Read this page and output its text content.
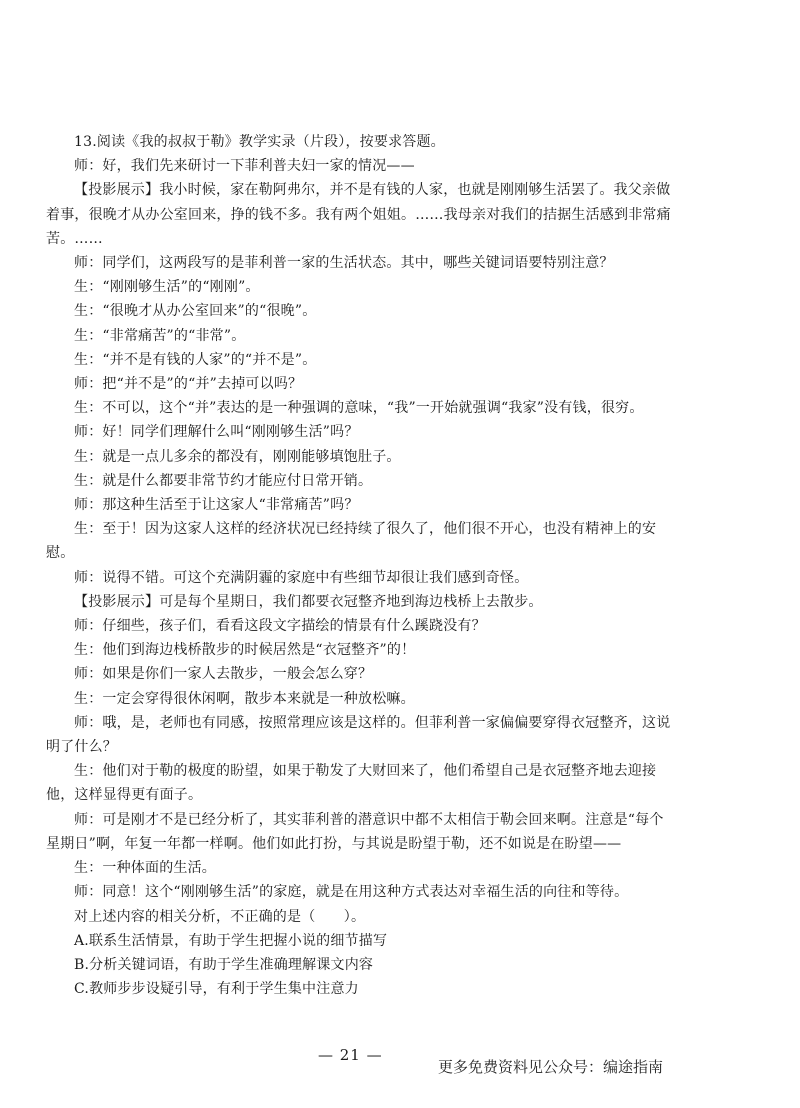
13.阅读《我的叔叔于勒》教学实录（片段），按要求答题。

师：好，我们先来研讨一下菲利普夫妇一家的情况——

【投影展示】我小时候，家在勒阿弗尔，并不是有钱的人家，也就是刚刚够生活罢了。我父亲做着事，很晚才从办公室回来，挣的钱不多。我有两个姐姐。……我母亲对我们的拮据生活感到非常痛苦。……

师：同学们，这两段写的是菲利普一家的生活状态。其中，哪些关键词语要特别注意？

生：“刚刚够生活”的“刚刚”。

生：“很晚才从办公室回来”的“很晚”。

生：“非常痛苦”的“非常”。

生：“并不是有钱的人家”的“并不是”。

师：把“并不是”的“并”去掉可以吗？

生：不可以，这个“并”表达的是一种强调的意味，“我”一开始就强调“我家”没有钱，很穷。

师：好！同学们理解什么叫“刚刚够生活”吗？

生：就是一点儿多余的都没有，刚刚能够填饱肚子。

生：就是什么都要非常节约才能应付日常开销。

师：那这种生活至于让这家人“非常痛苦”吗？

生：至于！因为这家人这样的经济状况已经持续了很久了，他们很不开心，也没有精神上的安慰。

师：说得不错。可这个充满阴霾的家庭中有些细节却很让我们感到奇怪。

【投影展示】可是每个星期日，我们都要衣冠整齐地到海边栈桥上去散步。

师：仔细些，孩子们，看看这段文字描绘的情景有什么蹊跷没有？

生：他们到海边栈桥散步的时候居然是“衣冠整齐”的！

师：如果是你们一家人去散步，一般会怎么穿？

生：一定会穿得很休闲啊，散步本来就是一种放松嘛。

师：哦，是，老师也有同感，按照常理应该是这样的。但菲利普一家偏偏要穿得衣冠整齐，这说明了什么？

生：他们对于勒的极度的盼望，如果于勒发了大财回来了，他们希望自己是衣冠整齐地去迎接他，这样显得更有面子。

师：可是刚才不是已经分析了，其实菲利普的潜意识中都不太相信于勒会回来啊。注意是“每个星期日”啊，年复一年都一样啊。他们如此打扮，与其说是盼望于勒，还不如说是在盼望——

生：一种体面的生活。

师：同意！这个“刚刚够生活”的家庭，就是在用这种方式表达对幸福生活的向往和等待。

对上述内容的相关分析，不正确的是（　　）。

A.联系生活情景，有助于学生把握小说的细节描写

B.分析关键词语，有助于学生准确理解课文内容

C.教师步步设疑引导，有利于学生集中注意力

— 21 —
更多免费资料见公众号：编途指南
